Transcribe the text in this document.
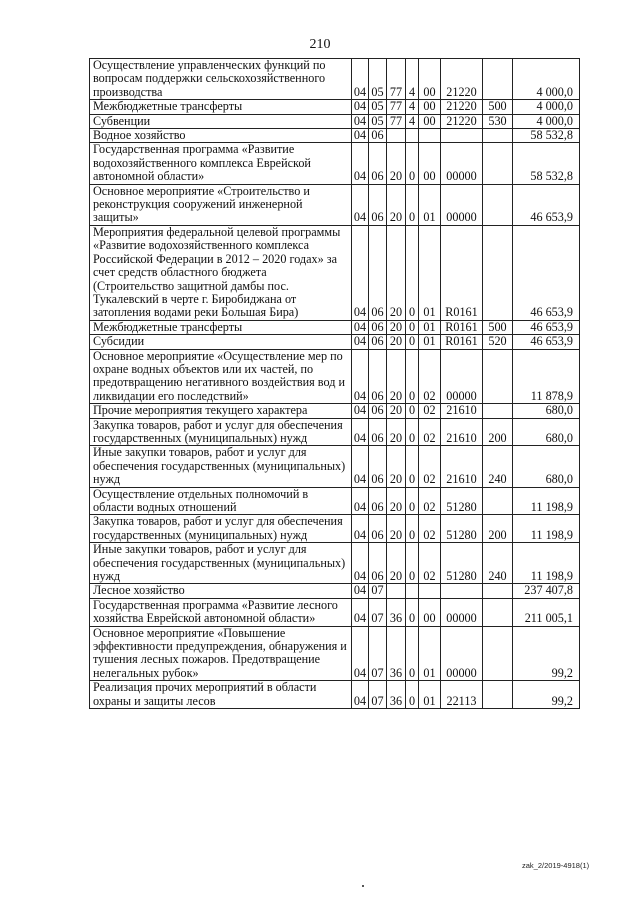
210
Осуществление управленческих функций по вопросам поддержки сельскохозяйственного производства	04	05	77	4	00	21220		4 000,0
Межбюджетные трансферты	04	05	77	4	00	21220	500	4 000,0
Субвенции	04	05	77	4	00	21220	530	4 000,0
Водное хозяйство	04	06						58 532,8
Государственная программа «Развитие водохозяйственного комплекса Еврейской автономной области»	04	06	20	0	00	00000		58 532,8
Основное мероприятие «Строительство и реконструкция сооружений инженерной защиты»	04	06	20	0	01	00000		46 653,9
Мероприятия федеральной целевой программы «Развитие водохозяйственного комплекса Российской Федерации в 2012 – 2020 годах» за счет средств областного бюджета (Строительство защитной дамбы пос. Тукалевский в черте г. Биробиджана от затопления водами реки Большая Бира)	04	06	20	0	01	R0161		46 653,9
Межбюджетные трансферты	04	06	20	0	01	R0161	500	46 653,9
Субсидии	04	06	20	0	01	R0161	520	46 653,9
Основное мероприятие «Осуществление мер по охране водных объектов или их частей, по предотвращению негативного воздействия вод и ликвидации его последствий»	04	06	20	0	02	00000		11 878,9
Прочие мероприятия текущего характера	04	06	20	0	02	21610		680,0
Закупка товаров, работ и услуг для обеспечения государственных (муниципальных) нужд	04	06	20	0	02	21610	200	680,0
Иные закупки товаров, работ и услуг для обеспечения государственных (муниципальных) нужд	04	06	20	0	02	21610	240	680,0
Осуществление отдельных полномочий в области водных отношений	04	06	20	0	02	51280		11 198,9
Закупка товаров, работ и услуг для обеспечения государственных (муниципальных) нужд	04	06	20	0	02	51280	200	11 198,9
Иные закупки товаров, работ и услуг для обеспечения государственных (муниципальных) нужд	04	06	20	0	02	51280	240	11 198,9
Лесное хозяйство	04	07						237 407,8
Государственная программа «Развитие лесного хозяйства Еврейской автономной области»	04	07	36	0	00	00000		211 005,1
Основное мероприятие «Повышение эффективности предупреждения, обнаружения и тушения лесных пожаров. Предотвращение нелегальных рубок»	04	07	36	0	01	00000		99,2
Реализация прочих мероприятий в области охраны и защиты лесов	04	07	36	0	01	22113		99,2
zak_2/2019-4918(1)
